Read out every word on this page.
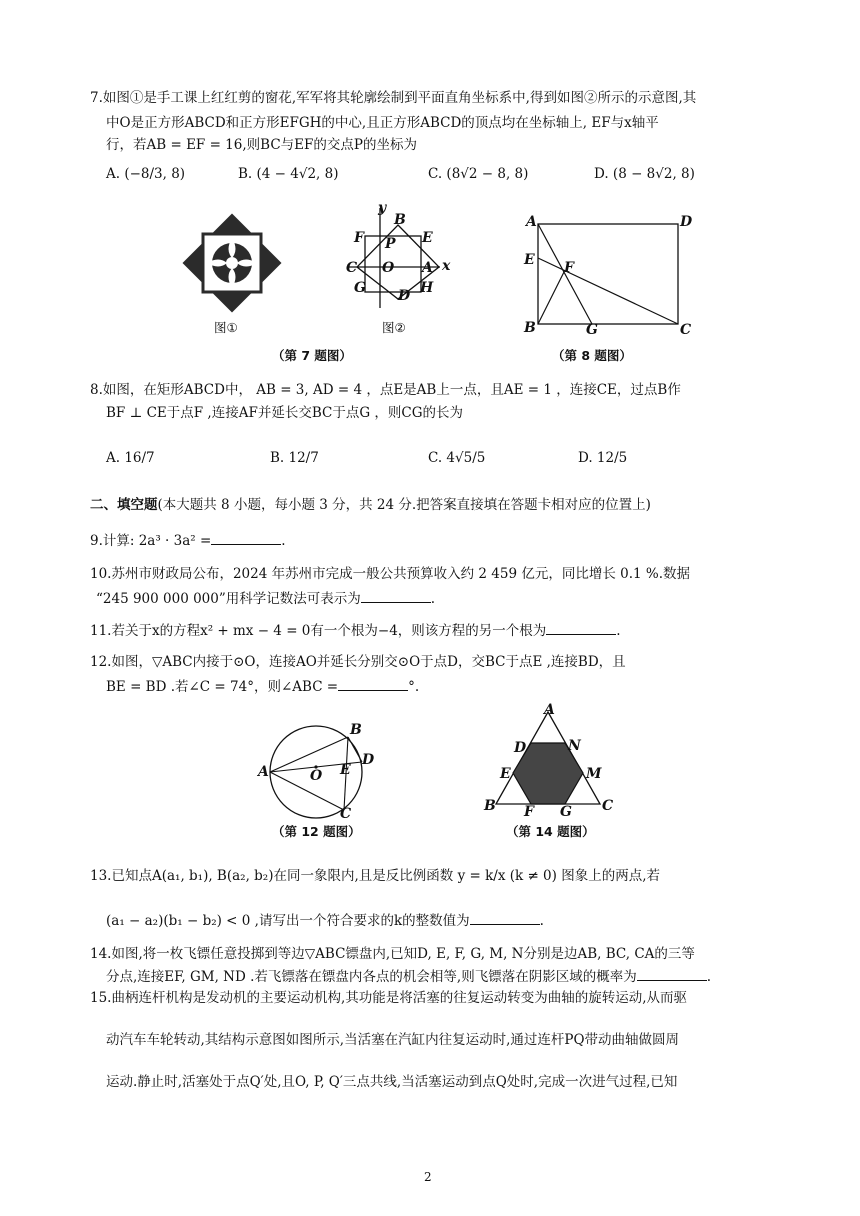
7.如图①是手工课上红红剪的窗花,军军将其轮廓绘制到平面直角坐标系中,得到如图②所示的示意图,其
中O是正方形ABCD和正方形EFGH的中心,且正方形ABCD的顶点均在坐标轴上, EF与x轴平
行，若AB = EF = 16,则BC与EF的交点P的坐标为
A. (−8/3, 8)	B. (4 − 4√2, 8)	C. (8√2 − 8, 8)	D. (8 − 8√2, 8)
图①
y
B
F P E
C O A x
G D H
图②
（第 7 题图）
A	D
E F
B	G	C
（第 8 题图）
8.如图，在矩形ABCD中， AB = 3, AD = 4 ，点E是AB上一点，且AE = 1 ，连接CE，过点B作
BF ⊥ CE于点F ,连接AF并延长交BC于点G ，则CG的长为
A. 16/7	B. 12/7	C. 4√5/5	D. 12/5
二、填空题(本大题共 8 小题，每小题 3 分，共 24 分.把答案直接填在答题卡相对应的位置上)
9.计算: 2a³ · 3a² =	.
10.苏州市财政局公布，2024 年苏州市完成一般公共预算收入约 2 459 亿元，同比增长 0.1 %.数据
“245 900 000 000”用科学记数法可表示为	.
11.若关于x的方程x² + mx − 4 = 0有一个根为−4，则该方程的另一个根为	.
12.如图，▽ABC内接于⊙O，连接AO并延长分别交⊙O于点D，交BC于点E ,连接BD，且
BE = BD .若∠C = 74°，则∠ABC =	°.
B
D
A	O E
C
（第 12 题图）
A
D	N
E	M
B F G C
（第 14 题图）
13.已知点A(a₁, b₁), B(a₂, b₂)在同一象限内,且是反比例函数 y = k/x (k ≠ 0) 图象上的两点,若
(a₁ − a₂)(b₁ − b₂) < 0 ,请写出一个符合要求的k的整数值为	.
14.如图,将一枚飞镖任意投掷到等边▽ABC镖盘内,已知D, E, F, G, M, N分别是边AB, BC, CA的三等
分点,连接EF, GM, ND .若飞镖落在镖盘内各点的机会相等,则飞镖落在阴影区域的概率为	.
15.曲柄连杆机构是发动机的主要运动机构,其功能是将活塞的往复运动转变为曲轴的旋转运动,从而驱
动汽车车轮转动,其结构示意图如图所示,当活塞在汽缸内往复运动时,通过连杆PQ带动曲轴做圆周
运动.静止时,活塞处于点Q′处,且O, P, Q′三点共线,当活塞运动到点Q处时,完成一次进气过程,已知
2
